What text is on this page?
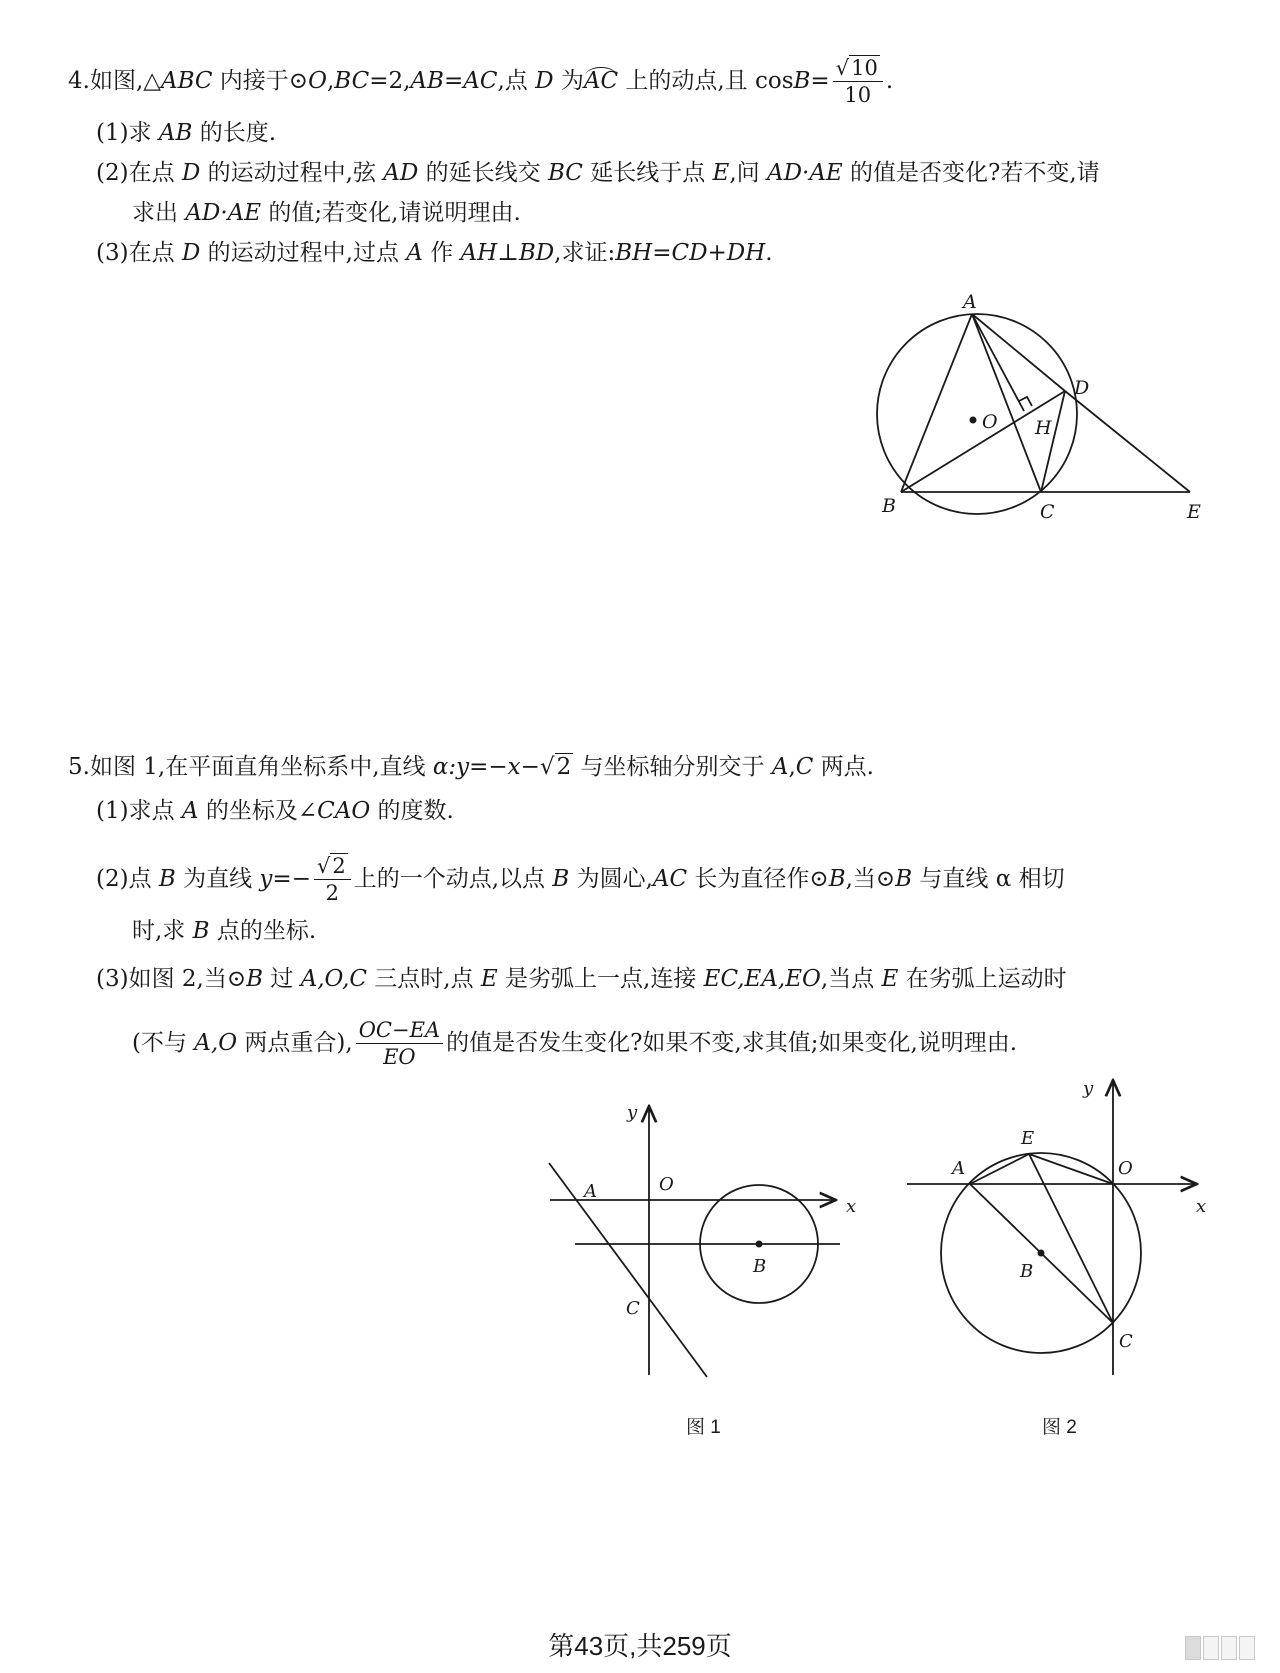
4.如图,△ABC 内接于⊙O,BC=2,AB=AC,点 D 为AC 上的动点,且 $\cos B= \frac{√10}{10}$ .
(1)求 AB 的长度.
(2)在点 D 的运动过程中,弦 AD 的延长线交 BC 延长线于点 E,问 AD·AE 的值是否变化?若不变,请
求出 AD·AE 的值;若变化,请说明理由.
(3)在点 D 的运动过程中,过点 A 作 AH⊥BD,求证:BH=CD+DH.
A
B	C
D
E
O H
5.如图 1,在平面直角坐标系中,直线 α:y=−x−√2 与坐标轴分别交于 A,C 两点.
(1)求点 A 的坐标及∠CAO 的度数.
(2)点 B 为直线 $y=- \frac{√2}{2}$ 上的一个动点,以点 B 为圆心,AC 长为直径作⊙B,当⊙B 与直线 α 相切
时,求 B 点的坐标.
(3)如图 2,当⊙B 过 A,O,C 三点时,点 E 是劣弧上一点,连接 EC,EA,EO,当点 E 在劣弧上运动时
(不与 A,O 两点重合), $\frac{OC-EA}{EO}$ 的值是否发生变化?如果不变,求其值;如果变化,说明理由.
y
x
O
A
B
C
y
x
O
A
E
B
C
图 1	图 2
第43页,共259页
